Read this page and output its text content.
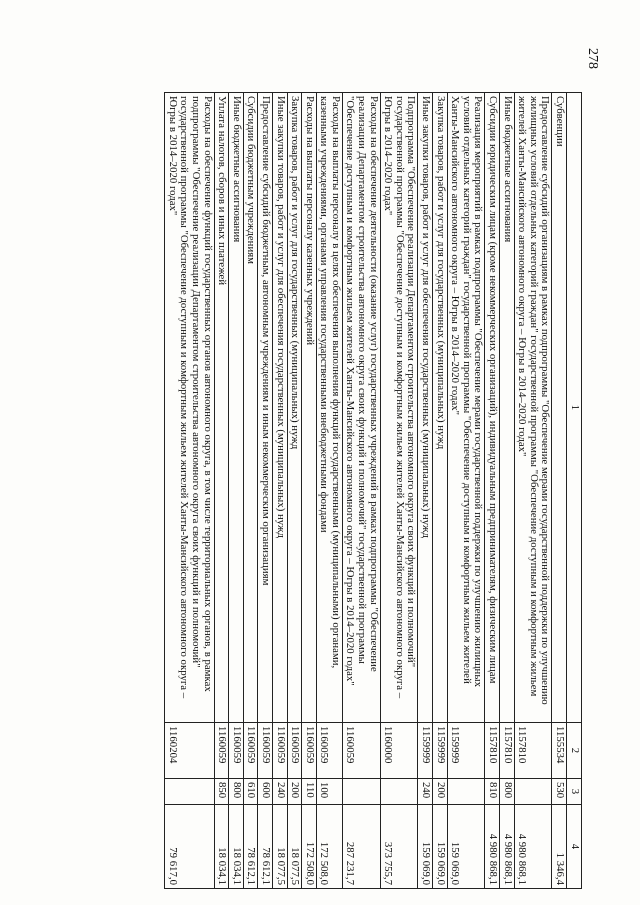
278
1	2	3	4
Субвенции	1155534	530	1 346,4
Предоставление субсидий организациям в рамках подпрограммы "Обеспечение мерами государственной поддержки по улучшению жилищных условий отдельных категорий граждан" государственной программы "Обеспечение доступным и комфортным жильем жителей Ханты-Мансийского автономного округа – Югры в 2014–2020 годах"	1157810		4 980 868,1
Иные бюджетные ассигнования	1157810	800	4 980 868,1
Субсидии юридическим лицам (кроме некоммерческих организаций), индивидуальным предпринимателям, физическим лицам	1157810	810	4 980 868,1
Реализация мероприятий в рамках подпрограммы "Обеспечение мерами государственной поддержки по улучшению жилищных условий отдельных категорий граждан" государственной программы "Обеспечение доступным и комфортным жильем жителей Ханты-Мансийского автономного округа – Югры в 2014–2020 годах"	1159999		159 069,0
Закупка товаров, работ и услуг для государственных (муниципальных) нужд	1159999	200	159 069,0
Иные закупки товаров, работ и услуг для обеспечения государственных (муниципальных) нужд	1159999	240	159 069,0
Подпрограмма "Обеспечение реализации Департаментом строительства автономного округа своих функций и полномочий" государственной программы "Обеспечение доступным и комфортным жильем жителей Ханты-Мансийского автономного округа – Югры в 2014–2020 годах"	1160000		373 755,7
Расходы на обеспечение деятельности (оказание услуг) государственных учреждений в рамках подпрограммы "Обеспечение реализации Департаментом строительства автономного округа своих функций и полномочий" государственной программы "Обеспечение доступным и комфортным жильем жителей Ханты-Мансийского автономного округа – Югры в 2014–2020 годах"	1160059		287 231,7
Расходы на выплаты персоналу в целях обеспечения выполнения функций государственными (муниципальными) органами, казенными учреждениями, органами управления государственными внебюджетными фондами	1160059	100	172 508,0
Расходы на выплаты персоналу казенных учреждений	1160059	110	172 508,0
Закупка товаров, работ и услуг для государственных (муниципальных) нужд	1160059	200	18 077,5
Иные закупки товаров, работ и услуг для обеспечения государственных (муниципальных) нужд	1160059	240	18 077,5
Предоставление субсидий бюджетным, автономным учреждениям и иным некоммерческим организациям	1160059	600	78 612,1
Субсидии бюджетным учреждениям	1160059	610	78 612,1
Иные бюджетные ассигнования	1160059	800	18 034,1
Уплата налогов, сборов и иных платежей	1160059	850	18 034,1
Расходы на обеспечение функций государственных органов автономного округа, в том числе территориальных органов, в рамках подпрограммы "Обеспечение реализации Департаментом строительства автономного округа своих функций и полномочий" государственной программы "Обеспечение доступным и комфортным жильем жителей Ханты-Мансийского автономного округа – Югры в 2014–2020 годах"	1160204		79 617,0
